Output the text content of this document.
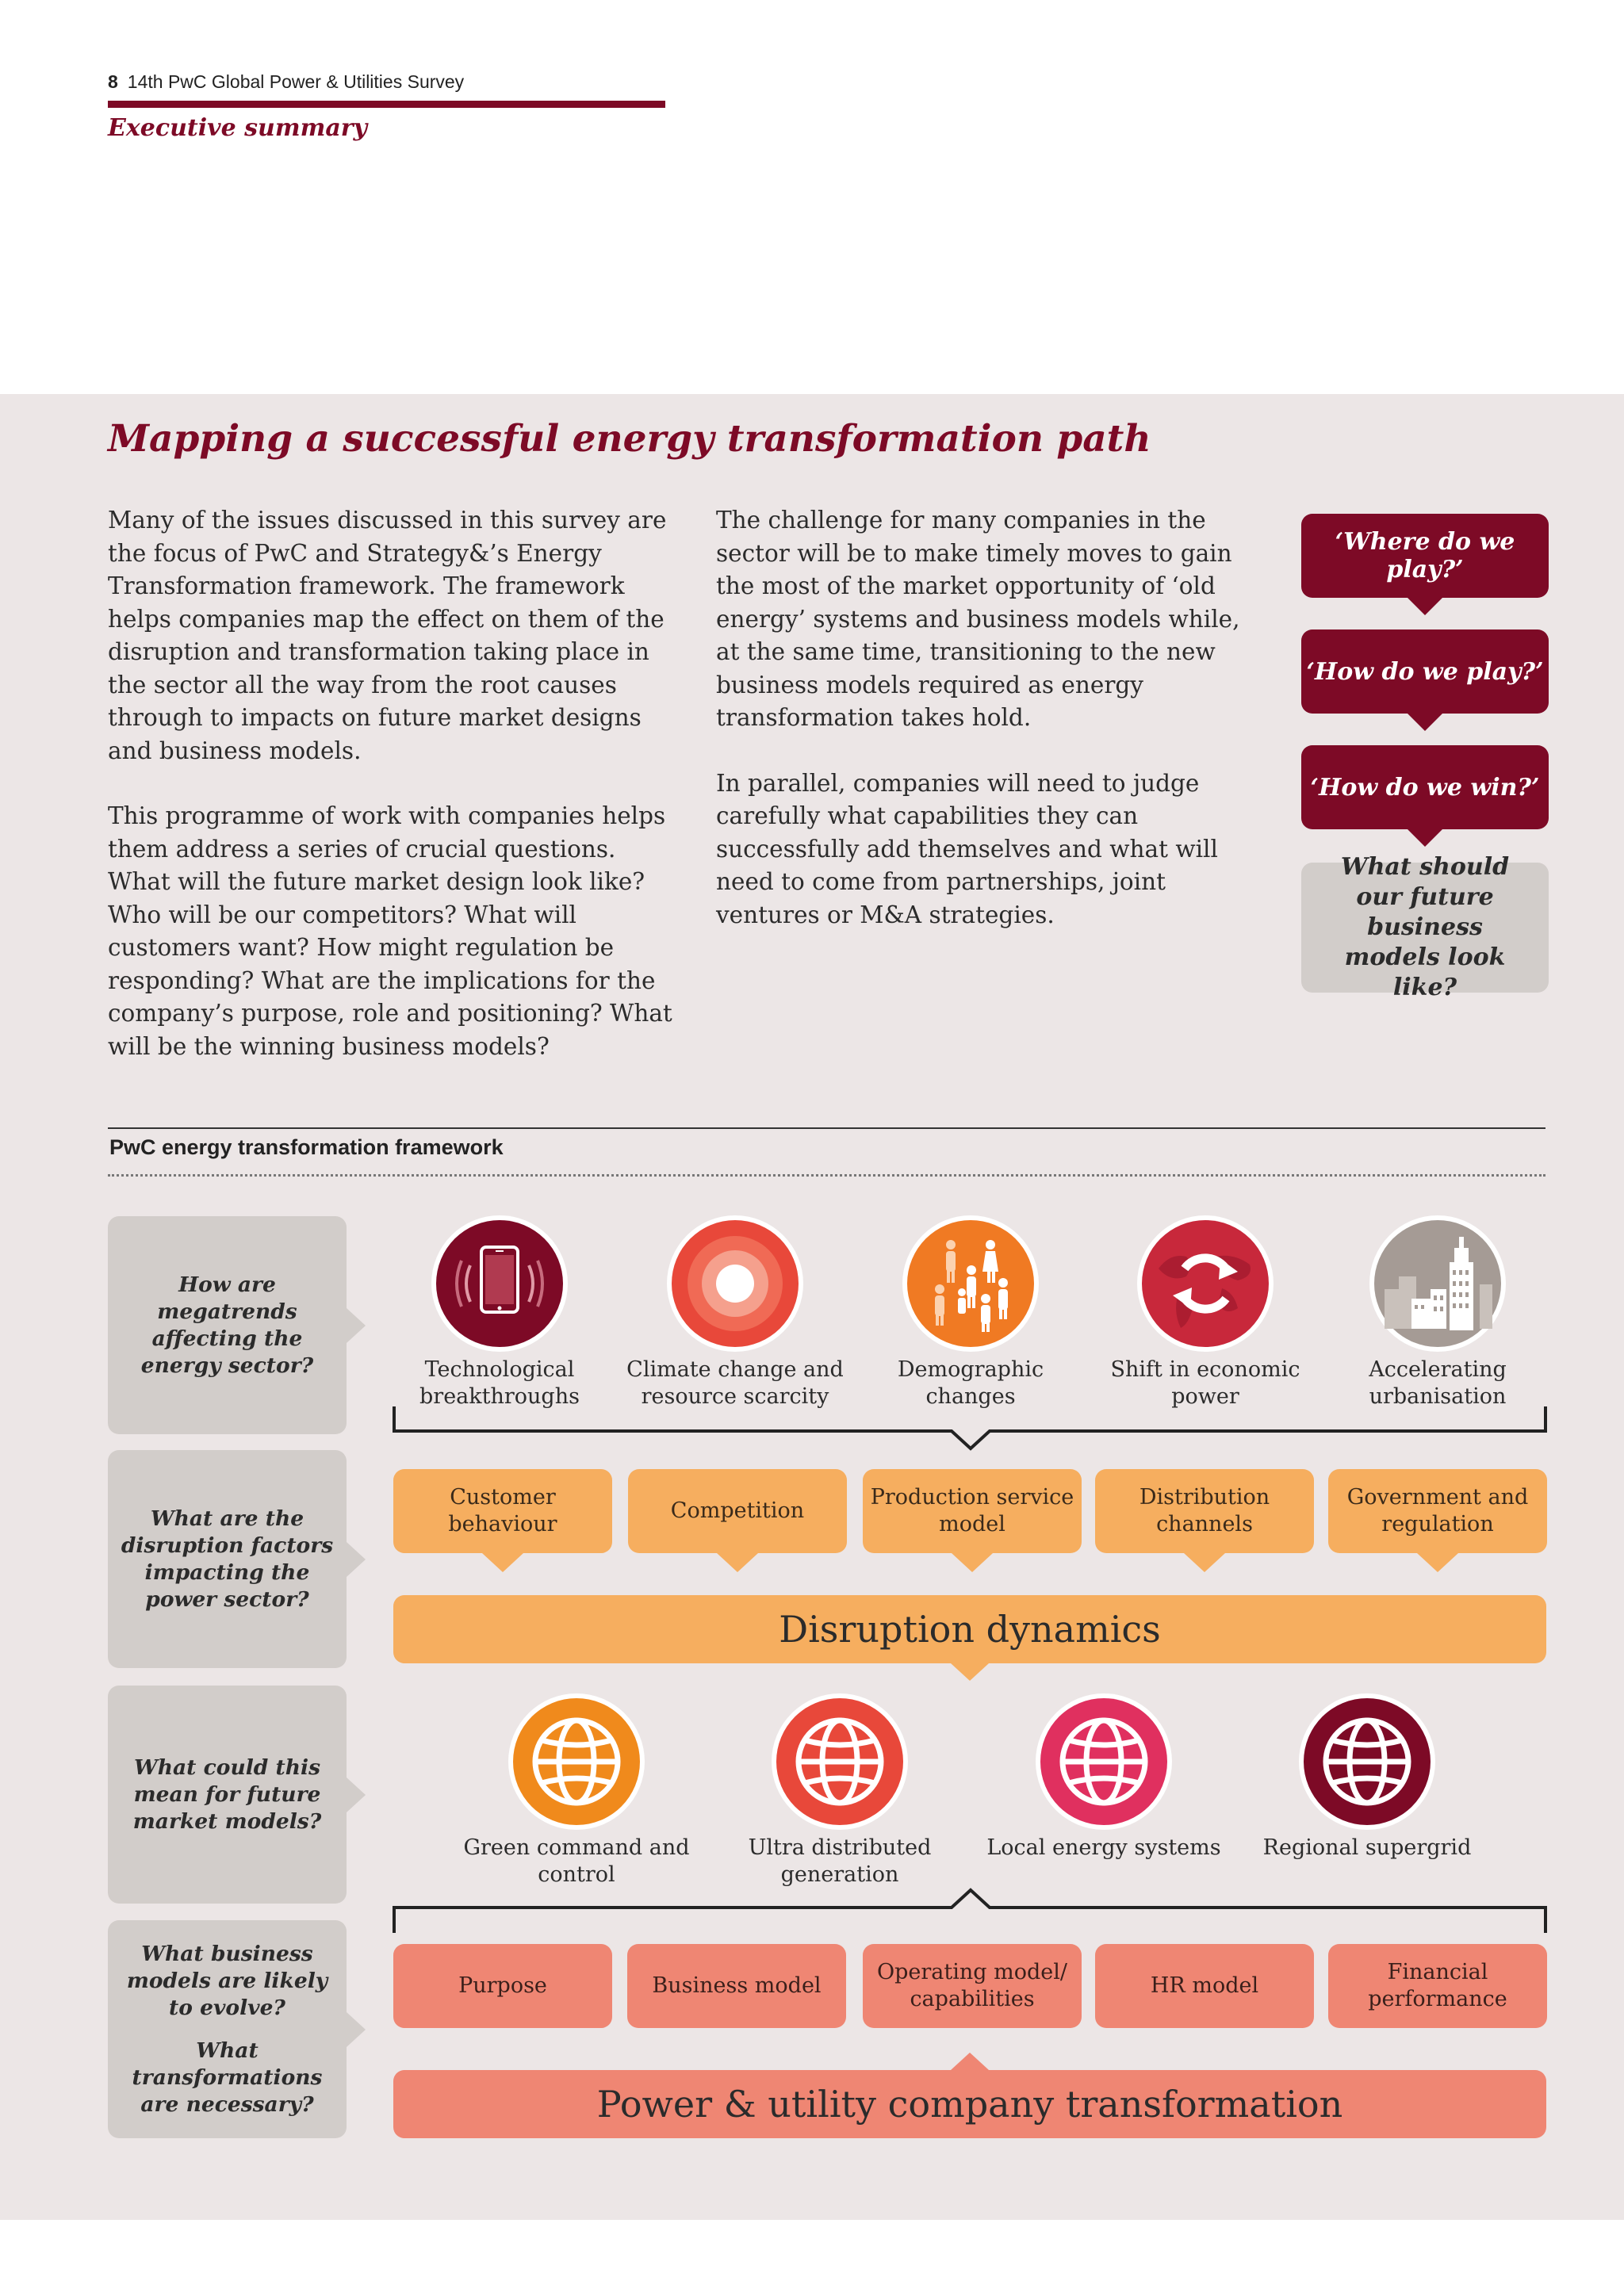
8 14th PwC Global Power & Utilities Survey
Executive summary
Mapping a successful energy transformation path

Many of the issues discussed in this survey are the focus of PwC and Strategy&’s Energy Transformation framework. The framework helps companies map the effect on them of the disruption and transformation taking place in the sector all the way from the root causes through to impacts on future market designs and business models.

This programme of work with companies helps them address a series of crucial questions. What will the future market design look like? Who will be our competitors? What will customers want? How might regulation be responding? What are the implications for the company’s purpose, role and positioning? What will be the winning business models?

The challenge for many companies in the sector will be to make timely moves to gain the most of the market opportunity of ‘old energy’ systems and business models while, at the same time, transitioning to the new business models required as energy transformation takes hold.

In parallel, companies will need to judge carefully what capabilities they can successfully add themselves and what will need to come from partnerships, joint ventures or M&A strategies.

‘Where do we play?’
‘How do we play?’
‘How do we win?’
What should our future business models look like?
PwC energy transformation framework
How are megatrends affecting the energy sector?
What are the disruption factors impacting the power sector?
What could this mean for future market models?
What business models are likely to evolve?
What transformations are necessary?
Technological breakthroughs
Climate change and resource scarcity
Demographic changes
Shift in economic power
Accelerating urbanisation
Customer behaviour
Competition
Production service model
Distribution channels
Government and regulation
Disruption dynamics
Green command and control
Ultra distributed generation
Local energy systems	Regional supergrid
Purpose	Business model
Operating model/ capabilities
HR model
Financial performance
Power & utility company transformation
